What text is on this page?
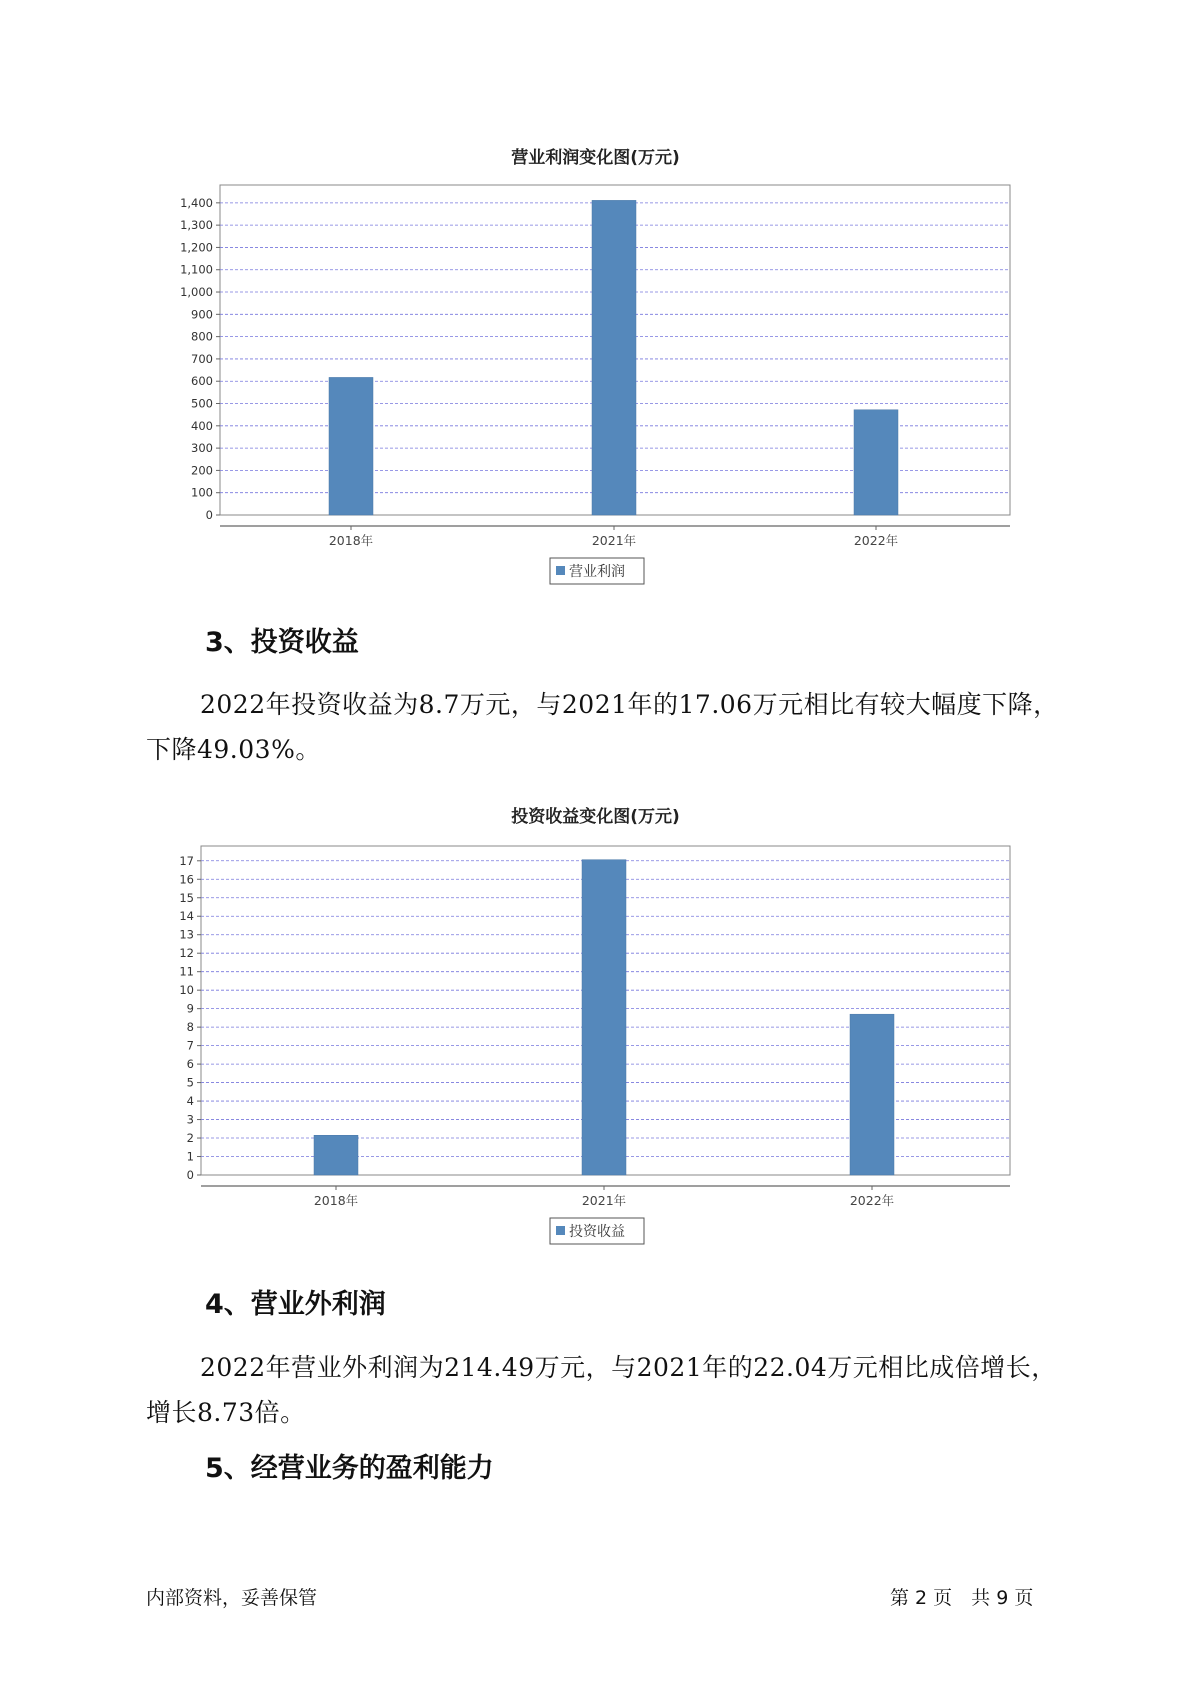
营业利润变化图(万元)
0
100
200
300
400
500
600
700
800
900
1,000
1,100
1,200
1,300
1,400
2018年	2021年	2022年
营业利润
3、投资收益
2022年投资收益为8.7万元，与2021年的17.06万元相比有较大幅度下降，下降49.03%。
投资收益变化图(万元)
0
1
2
3
4
5
6
7
8
9
10
11
12
13
14
15
16
17
2018年	2021年	2022年
投资收益
4、营业外利润
2022年营业外利润为214.49万元，与2021年的22.04万元相比成倍增长，增长8.73倍。
5、经营业务的盈利能力
内部资料，妥善保管	第 2 页　共 9 页
